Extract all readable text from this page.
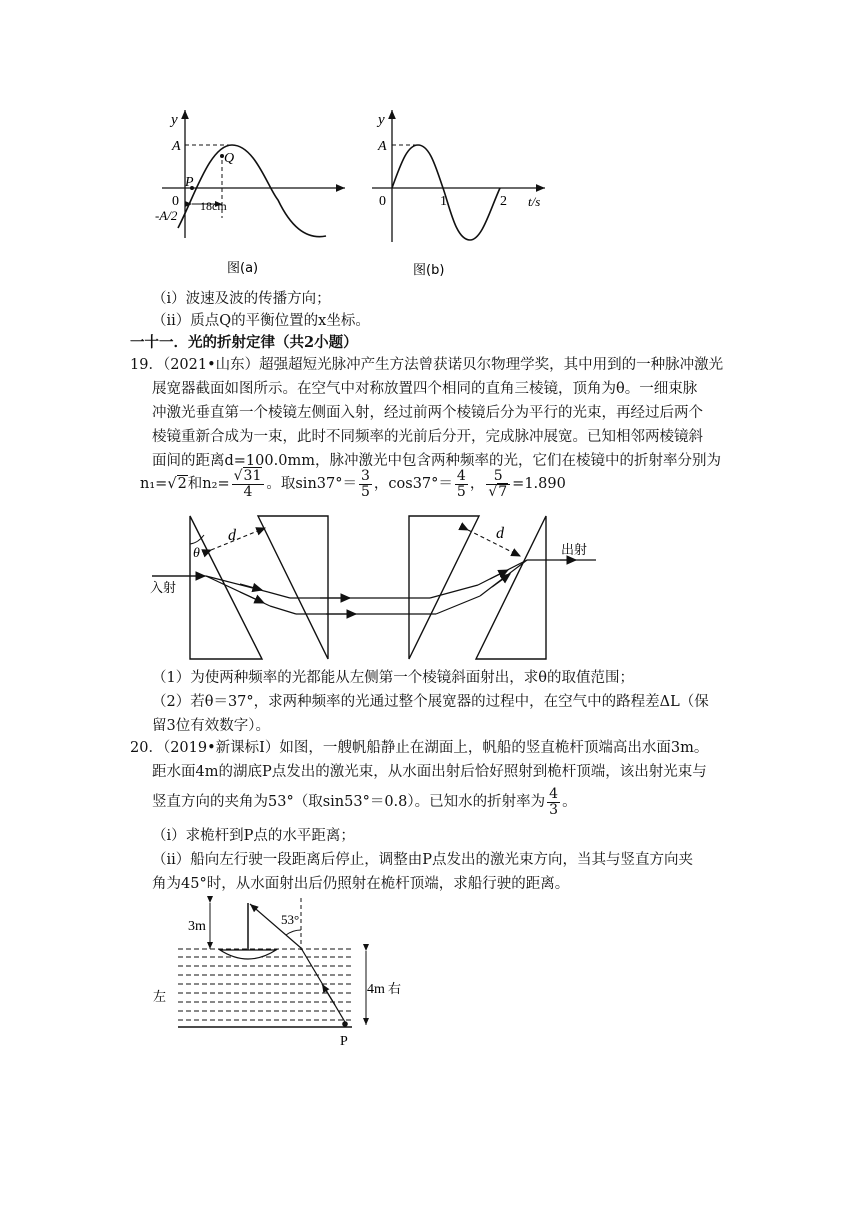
y
A
Q
P
0
-A/2
18cm
图(a)
y
A
0	1	2 t/s
图(b)
（i）波速及波的传播方向；
（ii）质点Q的平衡位置的x坐标。
一十一．光的折射定律（共2小题）
19．（2021•山东）超强超短光脉冲产生方法曾获诺贝尔物理学奖，其中用到的一种脉冲激光
展宽器截面如图所示。在空气中对称放置四个相同的直角三棱镜，顶角为θ。一细束脉
冲激光垂直第一个棱镜左侧面入射，经过前两个棱镜后分为平行的光束，再经过后两个
棱镜重新合成为一束，此时不同频率的光前后分开，完成脉冲展宽。已知相邻两棱镜斜
面间的距离d=100.0mm，脉冲激光中包含两种频率的光，它们在棱镜中的折射率分别为
n₁=√2和$n_2= \frac{√31}{4}$ 。取$\sin 37^\circ= \frac{3}{5}$ ，$\cos 37^\circ= \frac{4}{5}$ ， $\frac{5}{√7} =1.890$
d	d
θ
入射
出射
（1）为使两种频率的光都能从左侧第一个棱镜斜面射出，求θ的取值范围；
（2）若θ＝37°，求两种频率的光通过整个展宽器的过程中，在空气中的路程差ΔL（保
留3位有效数字）。
20．（2019•新课标Ⅰ）如图，一艘帆船静止在湖面上，帆船的竖直桅杆顶端高出水面3m。
距水面4m的湖底P点发出的激光束，从水面出射后恰好照射到桅杆顶端，该出射光束与
竖直方向的夹角为53°（取sin53°＝0.8）。已知水的折射率为 $\frac{4}{3}$ 。
（i）求桅杆到P点的水平距离；
（ii）船向左行驶一段距离后停止，调整由P点发出的激光束方向，当其与竖直方向夹
角为45°时，从水面射出后仍照射在桅杆顶端，求船行驶的距离。
3m	53°
4m 右
左
P
